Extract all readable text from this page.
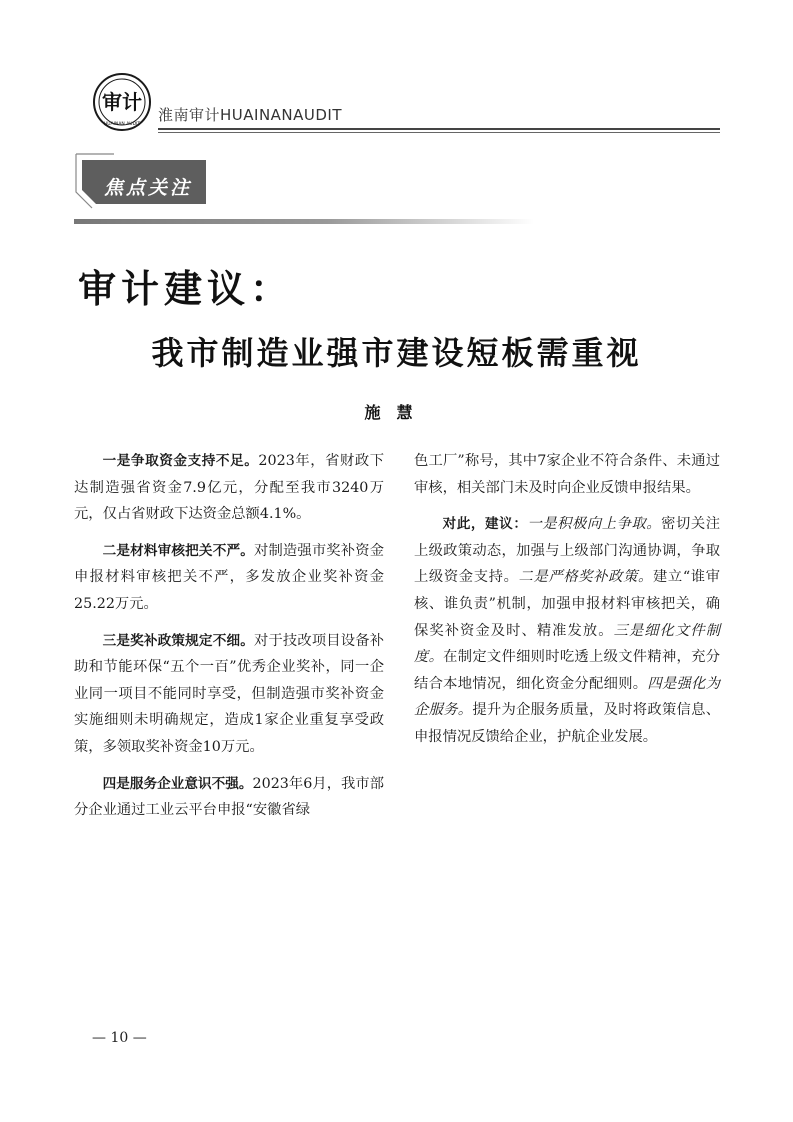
审计
HUAINAN AUDIT
淮南审计HUAINANAUDIT
焦点关注
审计建议：
我市制造业强市建设短板需重视
施慧

一是争取资金支持不足。2023年，省财政下达制造强省资金7.9亿元，分配至我市3240万元，仅占省财政下达资金总额4.1%。

二是材料审核把关不严。对制造强市奖补资金申报材料审核把关不严，多发放企业奖补资金25.22万元。

三是奖补政策规定不细。对于技改项目设备补助和节能环保“五个一百”优秀企业奖补，同一企业同一项目不能同时享受，但制造强市奖补资金实施细则未明确规定，造成1家企业重复享受政策，多领取奖补资金10万元。

四是服务企业意识不强。2023年6月，我市部分企业通过工业云平台申报“安徽省绿

色工厂”称号，其中7家企业不符合条件、未通过审核，相关部门未及时向企业反馈申报结果。

对此，建议：一是积极向上争取。密切关注上级政策动态，加强与上级部门沟通协调，争取上级资金支持。二是严格奖补政策。建立“谁审核、谁负责”机制，加强申报材料审核把关，确保奖补资金及时、精准发放。三是细化文件制度。在制定文件细则时吃透上级文件精神，充分结合本地情况，细化资金分配细则。四是强化为企服务。提升为企服务质量，及时将政策信息、申报情况反馈给企业，护航企业发展。

— 10 —
